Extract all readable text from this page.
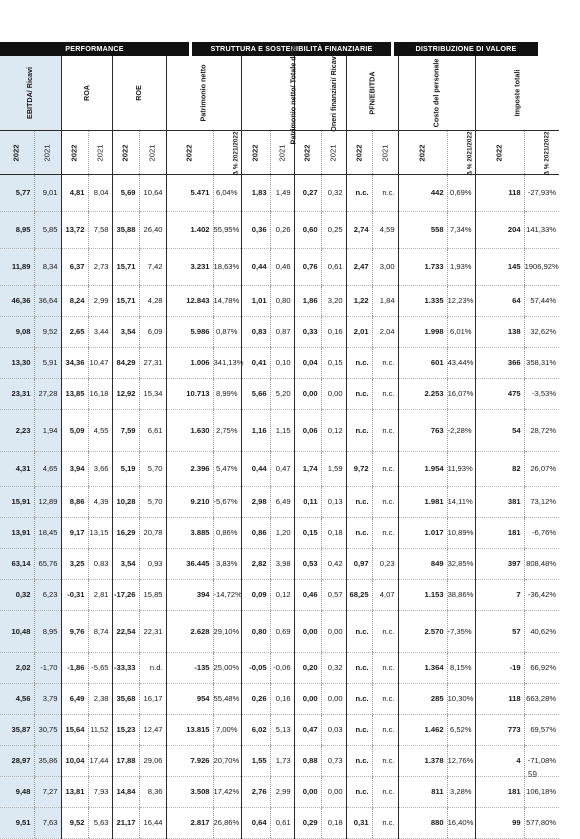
PERFORMANCE	STRUTTURA E SOSTENIBILITÀ FINANZIARIE	DISTRIBUZIONE DI VALORE
EBITDA/ Ricavi		ROA		ROE		Patrimonio netto		Patrimonio netto/ Totale debiti		Oneri finanziari/ Ricavi		PFN/EBITDA		Costo del personale		Imposte totali	
2022	2021	2022	2021	2022	2021	2022	Δ % 2021/2022	2022	2021	2022	2021	2022	2021	2022	Δ % 2021/2022	2022	Δ % 2021/2022
5,77	9,01	4,81	8,04	5,69	10,64	5.471	6,04%	1,83	1,49	0,27	0,32	n.c.	n.c.	442	0,69%	118	-27,93%
8,95	5,85	13,72	7,58	35,88	26,40	1.402	55,95%	0,36	0,26	0,60	0,25	2,74	4,59	558	7,34%	204	141,33%
11,89	8,34	6,37	2,73	15,71	7,42	3.231	18,63%	0,44	0,46	0,76	0,61	2,47	3,00	1.733	1,93%	145	1906,92%
46,36	36,64	8,24	2,99	15,71	4,28	12.843	14,78%	1,01	0,80	1,86	3,20	1,22	1,84	1.335	12,23%	64	57,44%
9,08	9,52	2,65	3,44	3,54	6,09	5.986	0,87%	0,83	0,87	0,33	0,16	2,01	2,04	1.998	6,01%	138	32,62%
13,30	5,91	34,36	10,47	84,29	27,31	1.006	341,13%	0,41	0,10	0,04	0,15	n.c.	n.c.	601	43,44%	366	358,31%
23,31	27,28	13,85	16,18	12,92	15,34	10.713	8,99%	5,66	5,20	0,00	0,00	n.c.	n.c.	2.253	16,07%	475	-3,53%
2,23	1,94	5,09	4,55	7,59	6,61	1.630	2,75%	1,16	1,15	0,06	0,12	n.c.	n.c.	763	-2,28%	54	28,72%
4,31	4,65	3,94	3,66	5,19	5,70	2.396	5,47%	0,44	0,47	1,74	1,59	9,72	n.c.	1.954	11,93%	82	26,07%
15,91	12,89	8,86	4,39	10,28	5,70	9.210	-5,67%	2,98	6,49	0,11	0,13	n.c.	n.c.	1.981	14,11%	381	73,12%
13,91	18,45	9,17	13,15	16,29	20,78	3.885	0,86%	0,86	1,20	0,15	0,18	n.c.	n.c.	1.017	10,89%	181	-6,76%
63,14	65,76	3,25	0,83	3,54	0,93	36.445	3,83%	2,82	3,98	0,53	0,42	0,97	0,23	849	32,85%	397	808,48%
0,32	6,23	-0,31	2,81	-17,26	15,85	394	-14,72%	0,09	0,12	0,46	0,57	68,25	4,07	1.153	38,86%	7	-36,42%
10,48	8,95	9,76	8,74	22,54	22,31	2.628	29,10%	0,80	0,69	0,00	0,00	n.c.	n.c.	2.570	-7,35%	57	40,62%
2,02	-1,70	-1,86	-5,65	-33,33	n.d.	-135	25,00%	-0,05	-0,06	0,20	0,32	n.c.	n.c.	1.364	8,15%	-19	66,92%
4,56	3,79	6,49	2,38	35,68	16,17	954	55,48%	0,26	0,16	0,00	0,00	n.c.	n.c.	285	10,30%	118	663,28%
35,87	30,75	15,64	11,52	15,23	12,47	13.815	7,00%	6,02	5,13	0,47	0,03	n.c.	n.c.	1.462	6,52%	773	69,57%
28,97	35,86	10,04	17,44	17,88	29,06	7.926	20,70%	1,55	1,73	0,88	0,73	n.c.	n.c.	1.378	12,76%	4	-71,08%
9,48	7,27	13,81	7,93	14,84	8,36	3.508	17,42%	2,76	2,99	0,00	0,00	n.c.	n.c.	811	3,28%	181	106,18%
9,51	7,63	9,52	5,63	21,17	16,44	2.817	26,86%	0,64	0,61	0,29	0,18	0,31	n.c.	880	16,40%	99	577,80%
59
